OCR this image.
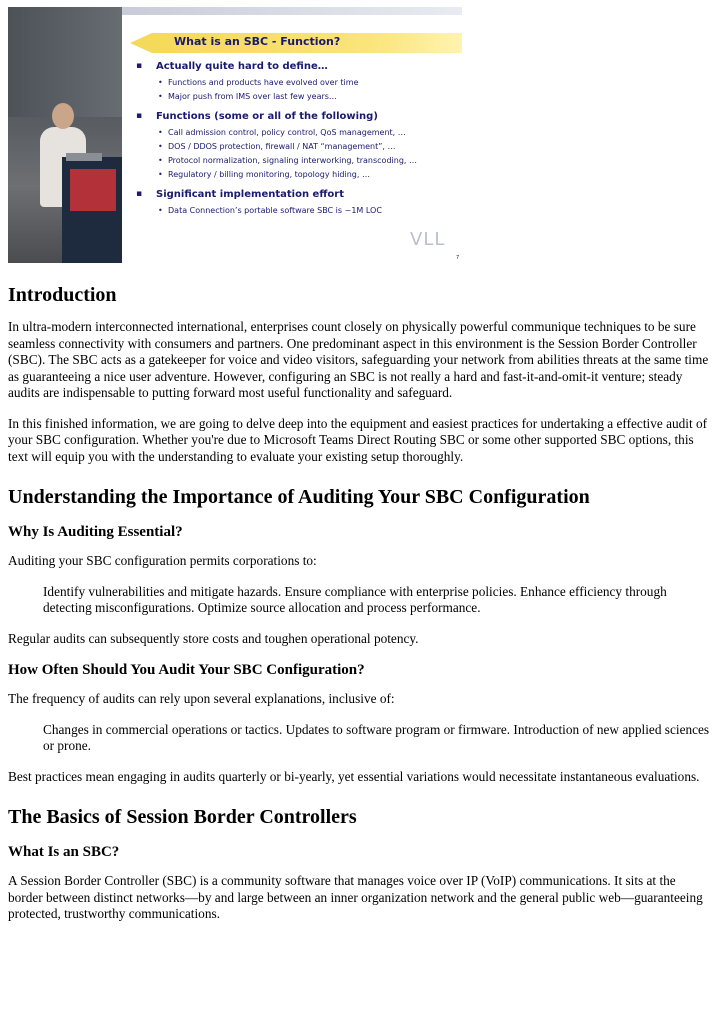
What is an SBC - Function?
▪ Actually quite hard to define…
• Functions and products have evolved over time
• Major push from IMS over last few years…
▪ Functions (some or all of the following)
• Call admission control, policy control, QoS management, …
• DOS / DDOS protection, firewall / NAT “management”, …
• Protocol normalization, signaling interworking, transcoding, …
• Regulatory / billing monitoring, topology hiding, …
▪ Significant implementation effort
• Data Connection’s portable software SBC is ~1M LOC
VLL
7
Introduction

In ultra-modern interconnected international, enterprises count closely on physically powerful communique techniques to be sure seamless connectivity with consumers and partners. One predominant aspect in this environment is the Session Border Controller (SBC). The SBC acts as a gatekeeper for voice and video visitors, safeguarding your network from abilities threats at the same time as guaranteeing a nice user adventure. However, configuring an SBC is not really a hard and fast-it-and-omit-it venture; steady audits are indispensable to putting forward most useful functionality and safeguard.

In this finished information, we are going to delve deep into the equipment and easiest practices for undertaking a effective audit of your SBC configuration. Whether you're due to Microsoft Teams Direct Routing SBC or some other supported SBC options, this text will equip you with the understanding to evaluate your existing setup thoroughly.

Understanding the Importance of Auditing Your SBC Configuration
Why Is Auditing Essential?

Auditing your SBC configuration permits corporations to:

Identify vulnerabilities and mitigate hazards. Ensure compliance with enterprise policies. Enhance efficiency through detecting misconfigurations. Optimize source allocation and process performance.

Regular audits can subsequently store costs and toughen operational potency.

How Often Should You Audit Your SBC Configuration?

The frequency of audits can rely upon several explanations, inclusive of:

Changes in commercial operations or tactics. Updates to software program or firmware. Introduction of new applied sciences or prone.

Best practices mean engaging in audits quarterly or bi-yearly, yet essential variations would necessitate instantaneous evaluations.

The Basics of Session Border Controllers
What Is an SBC?

A Session Border Controller (SBC) is a community software that manages voice over IP (VoIP) communications. It sits at the border between distinct networks—by and large between an inner organization network and the general public web—guaranteeing protected, trustworthy communications.
